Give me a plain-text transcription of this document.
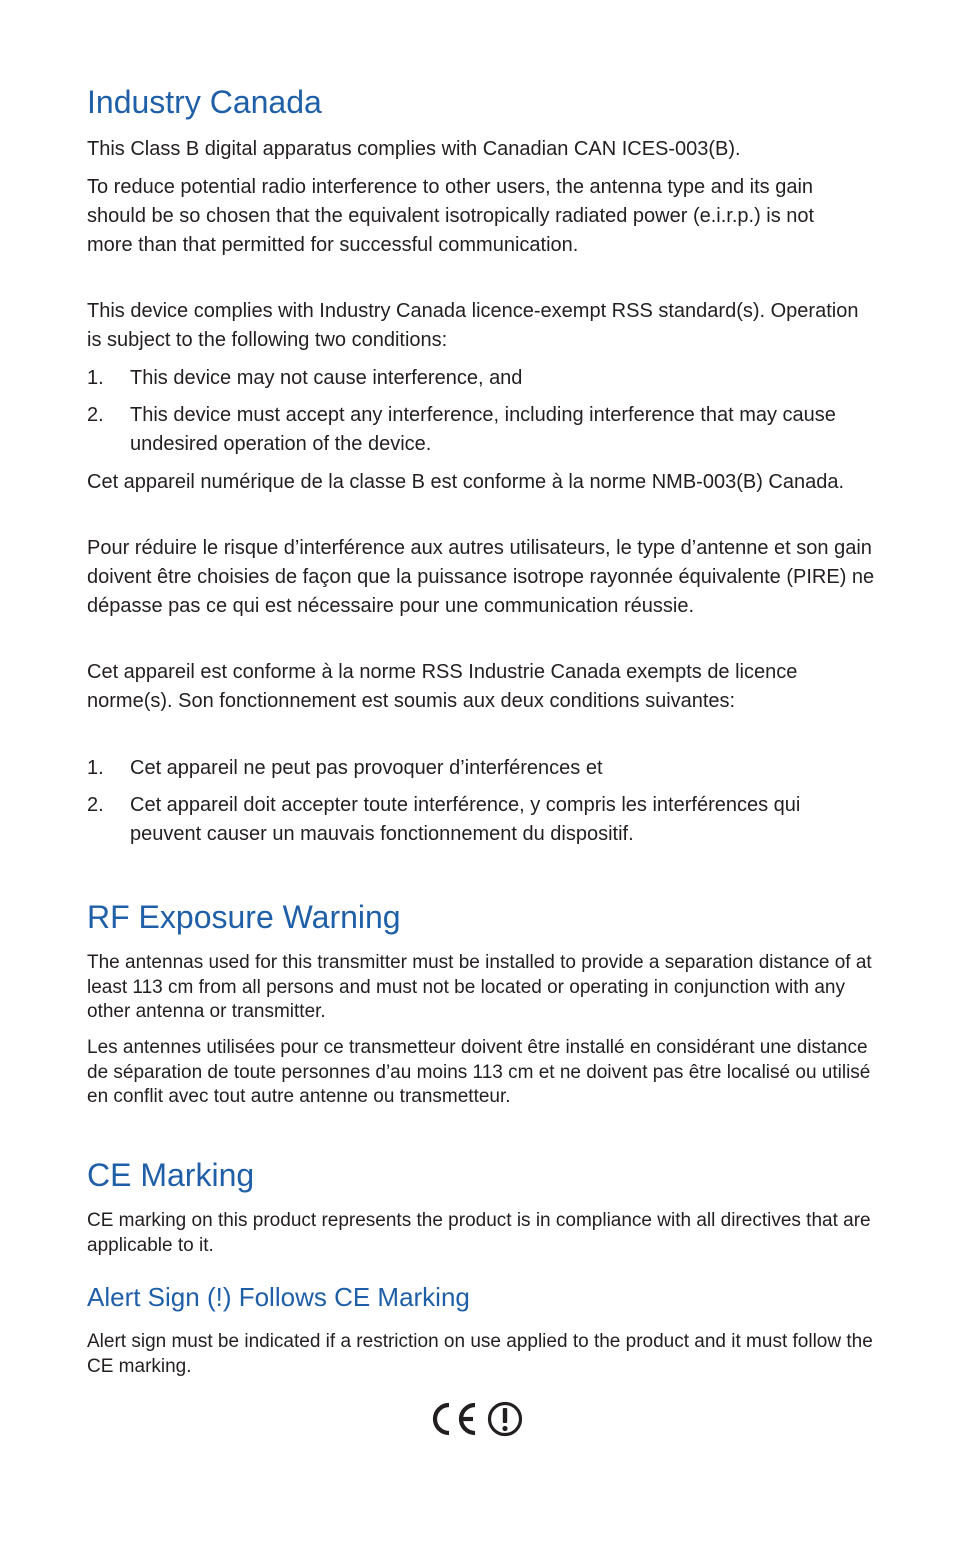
Industry Canada

This Class B digital apparatus complies with Canadian CAN ICES-003(B).

To reduce potential radio interference to other users, the antenna type and its gain should be so chosen that the equivalent isotropically radiated power (e.i.r.p.) is not more than that permitted for successful communication.

This device complies with Industry Canada licence-exempt RSS standard(s). Operation is subject to the following two conditions:

1.	This device may not cause interference, and
2.	This device must accept any interference, including interference that may cause undesired operation of the device.

Cet appareil numérique de la classe B est conforme à la norme NMB-003(B) Canada.

Pour réduire le risque d’interférence aux autres utilisateurs, le type d’antenne et son gain doivent être choisies de façon que la puissance isotrope rayonnée équivalente (PIRE) ne dépasse pas ce qui est nécessaire pour une communication réussie.

Cet appareil est conforme à la norme RSS Industrie Canada exempts de licence norme(s). Son fonctionnement est soumis aux deux conditions suivantes:

1.	Cet appareil ne peut pas provoquer d’interférences et
2.	Cet appareil doit accepter toute interférence, y compris les interférences qui peuvent causer un mauvais fonctionnement du dispositif.
RF Exposure Warning

The antennas used for this transmitter must be installed to provide a separation distance of at least 113 cm from all persons and must not be located or operating in conjunction with any other antenna or transmitter.

Les antennes utilisées pour ce transmetteur doivent être installé en considérant une distance de séparation de toute personnes d’au moins 113 cm et ne doivent pas être localisé ou utilisé en conflit avec tout autre antenne ou transmetteur.

CE Marking

CE marking on this product represents the product is in compliance with all directives that are applicable to it.

Alert Sign (!) Follows CE Marking

Alert sign must be indicated if a restriction on use applied to the product and it must follow the CE marking.
